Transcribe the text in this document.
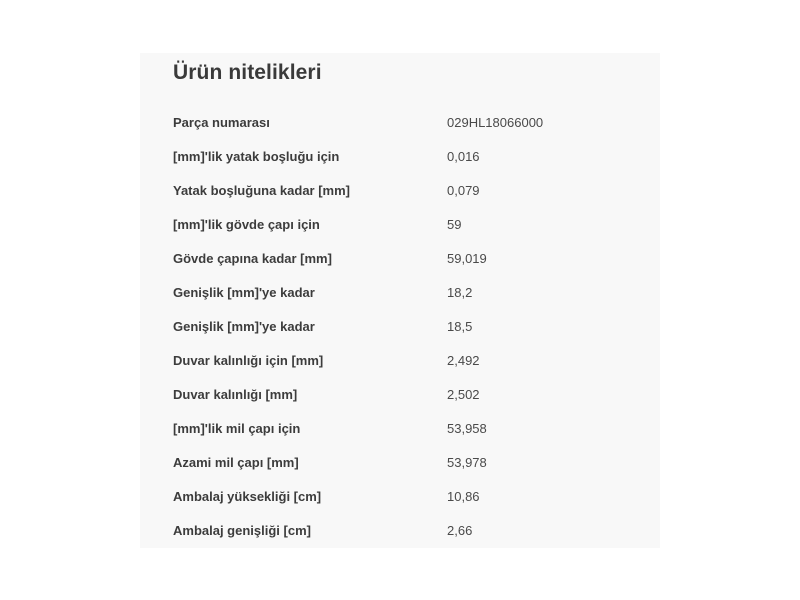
Ürün nitelikleri
Parça numarası	029HL18066000
[mm]'lik yatak boşluğu için	0,016
Yatak boşluğuna kadar [mm]	0,079
[mm]'lik gövde çapı için	59
Gövde çapına kadar [mm]	59,019
Genişlik [mm]'ye kadar	18,2
Genişlik [mm]'ye kadar	18,5
Duvar kalınlığı için [mm]	2,492
Duvar kalınlığı [mm]	2,502
[mm]'lik mil çapı için	53,958
Azami mil çapı [mm]	53,978
Ambalaj yüksekliği [cm]	10,86
Ambalaj genişliği [cm]	2,66
